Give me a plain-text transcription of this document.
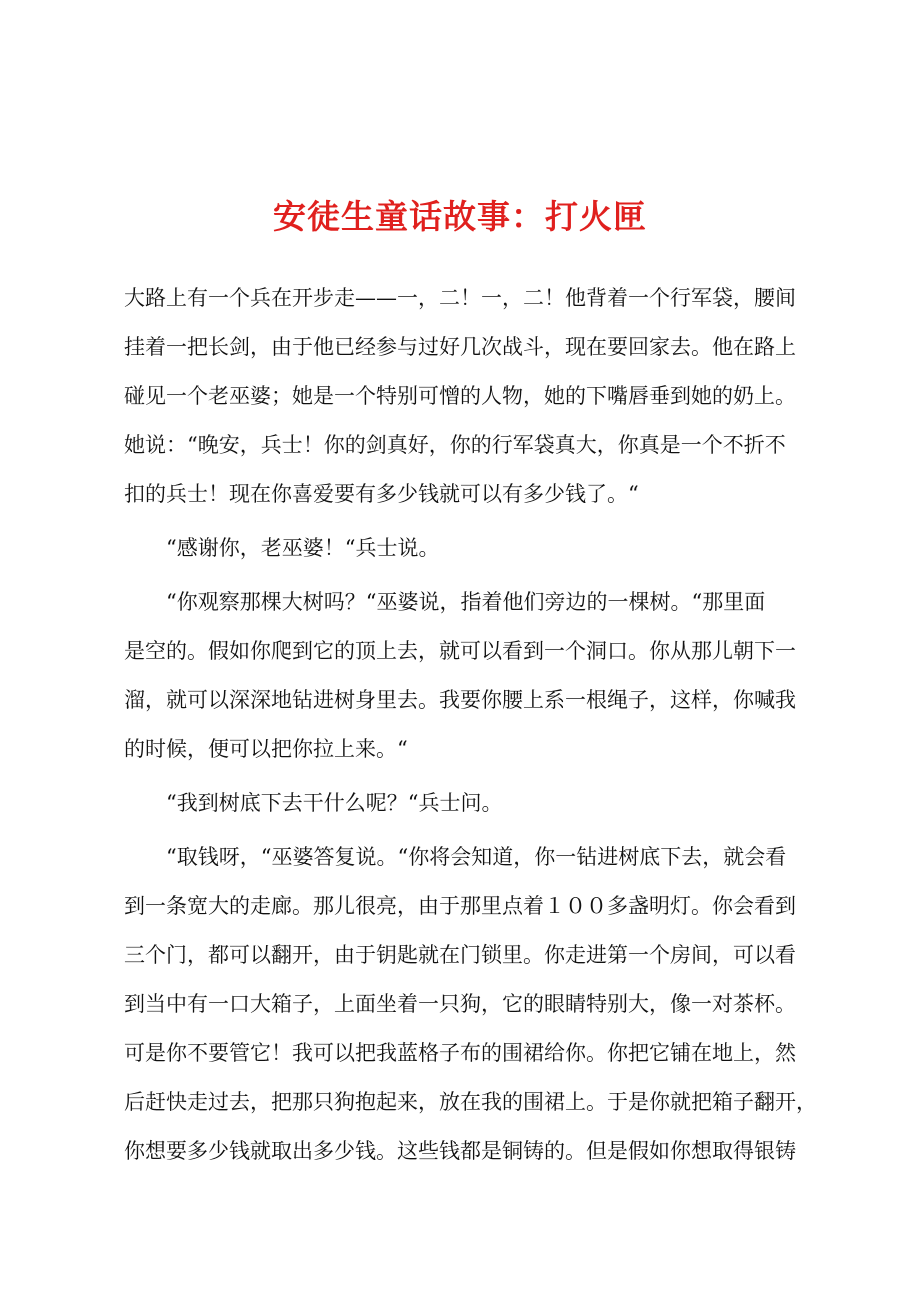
安徒生童话故事：打火匣
大路上有一个兵在开步走——一，二！一，二！他背着一个行军袋，腰间
挂着一把长剑，由于他已经参与过好几次战斗，现在要回家去。他在路上
碰见一个老巫婆；她是一个特别可憎的人物，她的下嘴唇垂到她的奶上。
她说：“晚安，兵士！你的剑真好，你的行军袋真大，你真是一个不折不
扣的兵士！现在你喜爱要有多少钱就可以有多少钱了。“
“感谢你，老巫婆！“兵士说。
“你观察那棵大树吗？“巫婆说，指着他们旁边的一棵树。“那里面
是空的。假如你爬到它的顶上去，就可以看到一个洞口。你从那儿朝下一
溜，就可以深深地钻进树身里去。我要你腰上系一根绳子，这样，你喊我
的时候，便可以把你拉上来。“
“我到树底下去干什么呢？“兵士问。
“取钱呀，“巫婆答复说。“你将会知道，你一钻进树底下去，就会看
到一条宽大的走廊。那儿很亮，由于那里点着１００多盏明灯。你会看到
三个门，都可以翻开，由于钥匙就在门锁里。你走进第一个房间，可以看
到当中有一口大箱子，上面坐着一只狗，它的眼睛特别大，像一对茶杯。
可是你不要管它！我可以把我蓝格子布的围裙给你。你把它铺在地上，然
后赶快走过去，把那只狗抱起来，放在我的围裙上。于是你就把箱子翻开，
你想要多少钱就取出多少钱。这些钱都是铜铸的。但是假如你想取得银铸
